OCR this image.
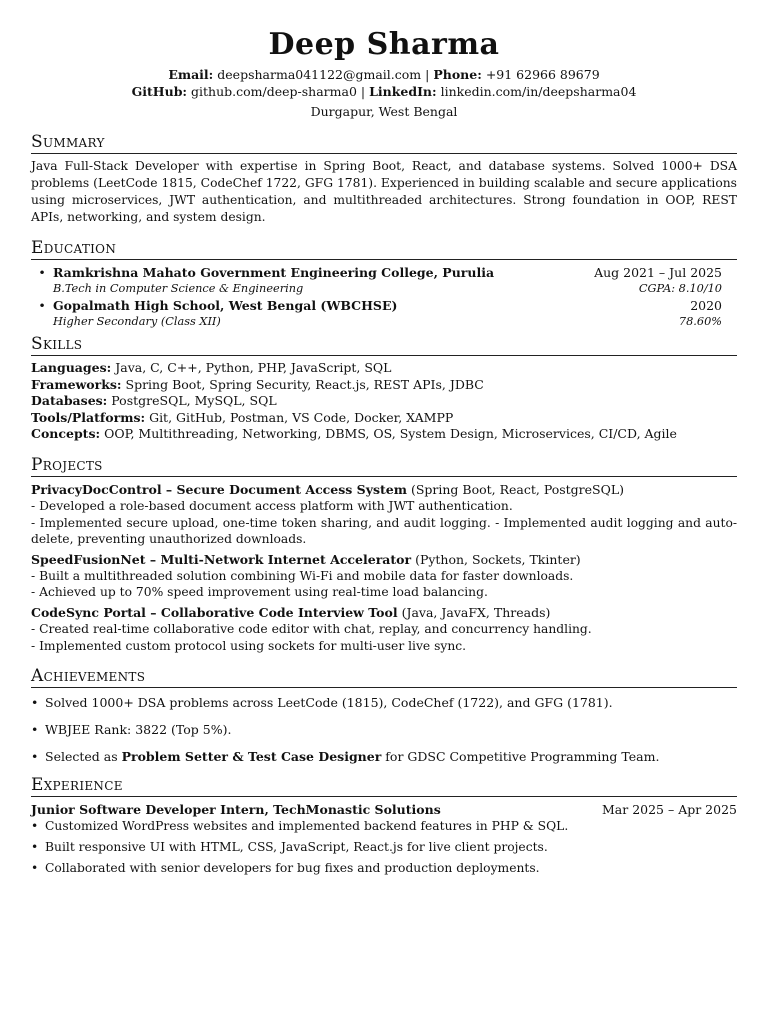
Deep Sharma
Email: deepsharma041122@gmail.com | Phone: +91 62966 89679
GitHub: github.com/deep-sharma0 | LinkedIn: linkedin.com/in/deepsharma04
Durgapur, West Bengal
Summary
Java Full-Stack Developer with expertise in Spring Boot, React, and database systems. Solved 1000+ DSA problems (LeetCode 1815, CodeChef 1722, GFG 1781). Experienced in building scalable and secure applications using microservices, JWT authentication, and multithreaded architectures. Strong foundation in OOP, REST APIs, networking, and system design.
Education
• Ramkrishna Mahato Government Engineering College, Purulia	Aug 2021 – Jul 2025
B.Tech in Computer Science & Engineering	CGPA: 8.10/10
• Gopalmath High School, West Bengal (WBCHSE)	2020
Higher Secondary (Class XII)	78.60%
Skills
Languages: Java, C, C++, Python, PHP, JavaScript, SQL
Frameworks: Spring Boot, Spring Security, React.js, REST APIs, JDBC
Databases: PostgreSQL, MySQL, SQL
Tools/Platforms: Git, GitHub, Postman, VS Code, Docker, XAMPP
Concepts: OOP, Multithreading, Networking, DBMS, OS, System Design, Microservices, CI/CD, Agile
Projects
PrivacyDocControl – Secure Document Access System (Spring Boot, React, PostgreSQL)
- Developed a role-based document access platform with JWT authentication.
- Implemented secure upload, one-time token sharing, and audit logging. - Implemented audit logging and auto-delete, preventing unauthorized downloads.
SpeedFusionNet – Multi-Network Internet Accelerator (Python, Sockets, Tkinter)
- Built a multithreaded solution combining Wi-Fi and mobile data for faster downloads.
- Achieved up to 70% speed improvement using real-time load balancing.
CodeSync Portal – Collaborative Code Interview Tool (Java, JavaFX, Threads)
- Created real-time collaborative code editor with chat, replay, and concurrency handling.
- Implemented custom protocol using sockets for multi-user live sync.
Achievements
• Solved 1000+ DSA problems across LeetCode (1815), CodeChef (1722), and GFG (1781).
• WBJEE Rank: 3822 (Top 5%).
• Selected as Problem Setter & Test Case Designer for GDSC Competitive Programming Team.
Experience
Junior Software Developer Intern, TechMonastic Solutions	Mar 2025 – Apr 2025
• Customized WordPress websites and implemented backend features in PHP & SQL.
• Built responsive UI with HTML, CSS, JavaScript, React.js for live client projects.
• Collaborated with senior developers for bug fixes and production deployments.
